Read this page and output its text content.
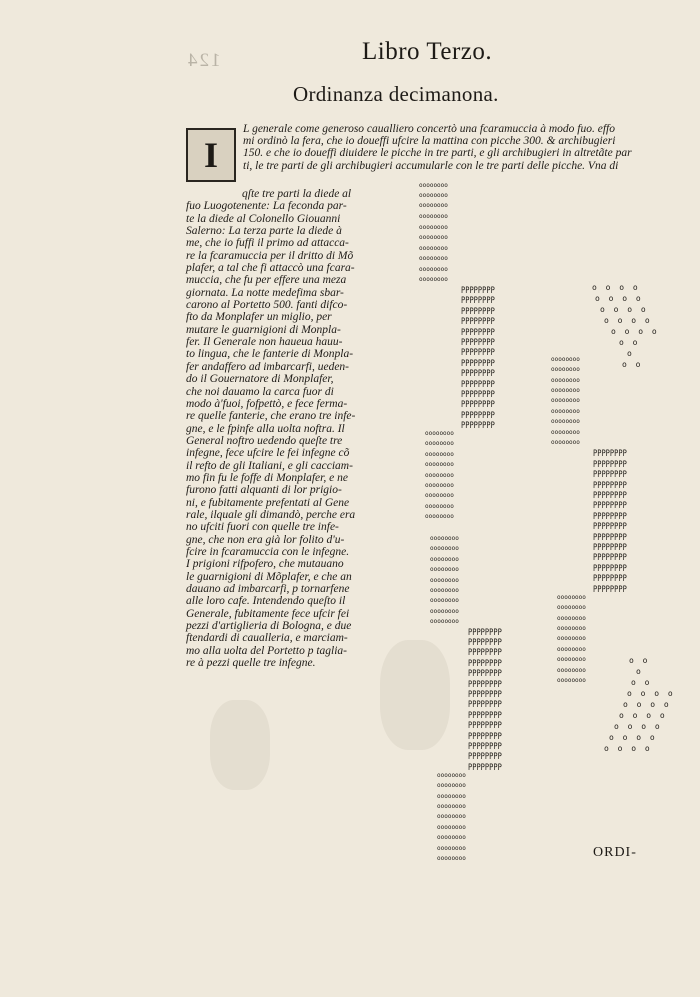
124	Libro Terzo.
Ordinanza decimanona.
I
L generale come generoso caualliero concertò una fcaramuccia à modo fuo. effo
mi ordinò la fera, che io doueffi ufcire la mattina con picche 300. & archibugieri
150. e che io doueffi diuidere le picche in tre parti, e gli archibugieri in altretãte par
ti, le tre parti de gli archibugieri accumularle con le tre parti delle picche. Vna di
qſte tre parti la diede al
fuo Luogotenente: La feconda par-
te la diede al Colonello Giouanni
Salerno: La terza parte la diede à
me, che io fuffi il primo ad attacca-
re la fcaramuccia per il dritto di Mõ
plafer, a tal che fi attaccò una fcara-
muccia, che fu per effere una meza
giornata. La notte medefima sbar-
carono al Portetto 500. fanti difco-
fto da Monplafer un miglio, per
mutare le guarnigioni di Monpla-
fer. Il Generale non haueua hauu-
to lingua, che le fanterie di Monpla-
fer andaffero ad imbarcarfi, ueden-
do il Gouernatore di Monplafer,
che noi dauamo la carca fuor di
modo à'fuoi, fofpettò, e fece ferma-
re quelle fanterie, che erano tre infe-
gne, e le fpinfe alla uolta noftra. Il
General noftro uedendo queſte tre
infegne, fece ufcire le fei infegne cõ
il refto de gli Italiani, e gli cacciam-
mo fin fu le foffe di Monplafer, e ne
furono fatti alquanti di lor prigio-
ni, e fubitamente prefentati al Gene
rale, ilquale gli dimandò, perche era
no ufciti fuori con quelle tre infe-
gne, che non era già lor folito d'u-
fcire in fcaramuccia con le infegne.
I prigioni rifpofero, che mutauano
le guarnigioni di Mõplafer, e che an
dauano ad imbarcarfi, p tornarfene
alle loro cafe. Intendendo queſto il
Generale, fubitamente fece ufcir fei
pezzi d'artiglieria di Bologna, e due
ftendardi di caualleria, e marciam-
mo alla uolta del Portetto p taglia-
re à pezzi quelle tre infegne.
oooooooo
oooooooo
oooooooo
oooooooo
oooooooo
oooooooo
oooooooo
oooooooo
oooooooo
oooooooo
PPPPPPPP
PPPPPPPP
PPPPPPPP
PPPPPPPP
PPPPPPPP
PPPPPPPP
PPPPPPPP
PPPPPPPP
PPPPPPPP
PPPPPPPP
PPPPPPPP
PPPPPPPP
PPPPPPPP
PPPPPPPP
o o o o
o o o o
o o o o
o o o o
o o o o
o o
o
o o
oooooooo
oooooooo
oooooooo
oooooooo
oooooooo
oooooooo
oooooooo
oooooooo
oooooooo
PPPPPPPP
PPPPPPPP
PPPPPPPP
PPPPPPPP
PPPPPPPP
PPPPPPPP
PPPPPPPP
PPPPPPPP
PPPPPPPP
PPPPPPPP
PPPPPPPP
PPPPPPPP
PPPPPPPP
PPPPPPPP
oooooooo
oooooooo
oooooooo
oooooooo
oooooooo
oooooooo
oooooooo
oooooooo
oooooooo
oooooooo
oooooooo
oooooooo
oooooooo
oooooooo
oooooooo
oooooooo
oooooooo
oooooooo
PPPPPPPP
PPPPPPPP
PPPPPPPP
PPPPPPPP
PPPPPPPP
PPPPPPPP
PPPPPPPP
PPPPPPPP
PPPPPPPP
PPPPPPPP
PPPPPPPP
PPPPPPPP
PPPPPPPP
PPPPPPPP
oooooooo
oooooooo
oooooooo
oooooooo
oooooooo
oooooooo
oooooooo
oooooooo
oooooooo
o o
o
o o
o o o o
o o o o
o o o o
o o o o
o o o o
o o o o
oooooooo
oooooooo
oooooooo
oooooooo
oooooooo
oooooooo
oooooooo
oooooooo
oooooooo	ORDI-
